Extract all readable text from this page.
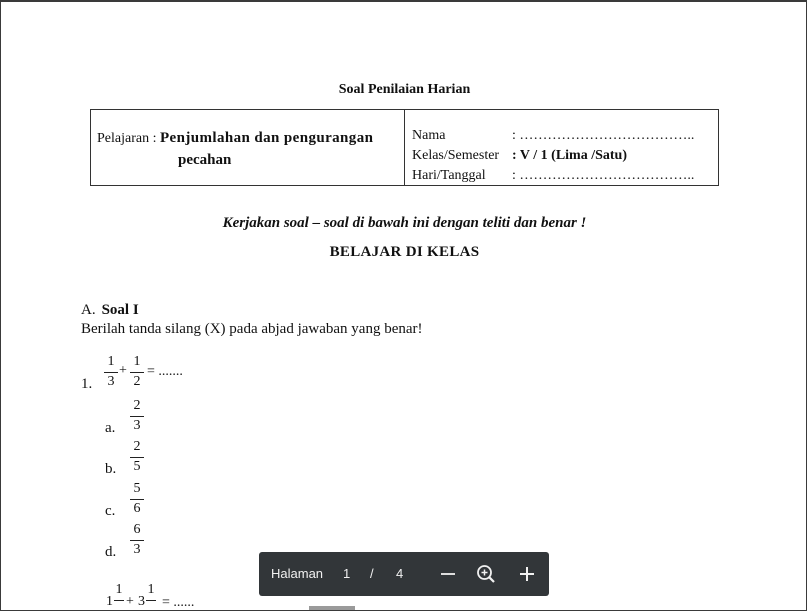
Soal Penilaian Harian
Pelajaran : Penjumlahan dan pengurangan
pecahan

Nama	: ………………………………..
Kelas/Semester : V / 1 (Lima /Satu)
Hari/Tanggal : ………………………………..
Kerjakan soal – soal di bawah ini dengan teliti dan benar !
BELAJAR DI KELAS
A. Soal I
Berilah tanda silang (X) pada abjad jawaban yang benar!
1.
1
3
+
1
2
= .......
a.
2
3
b.
2
5
c.
5
6
d.
6
3
1
1
+ 3
1
= ......
Halaman 1 / 4
